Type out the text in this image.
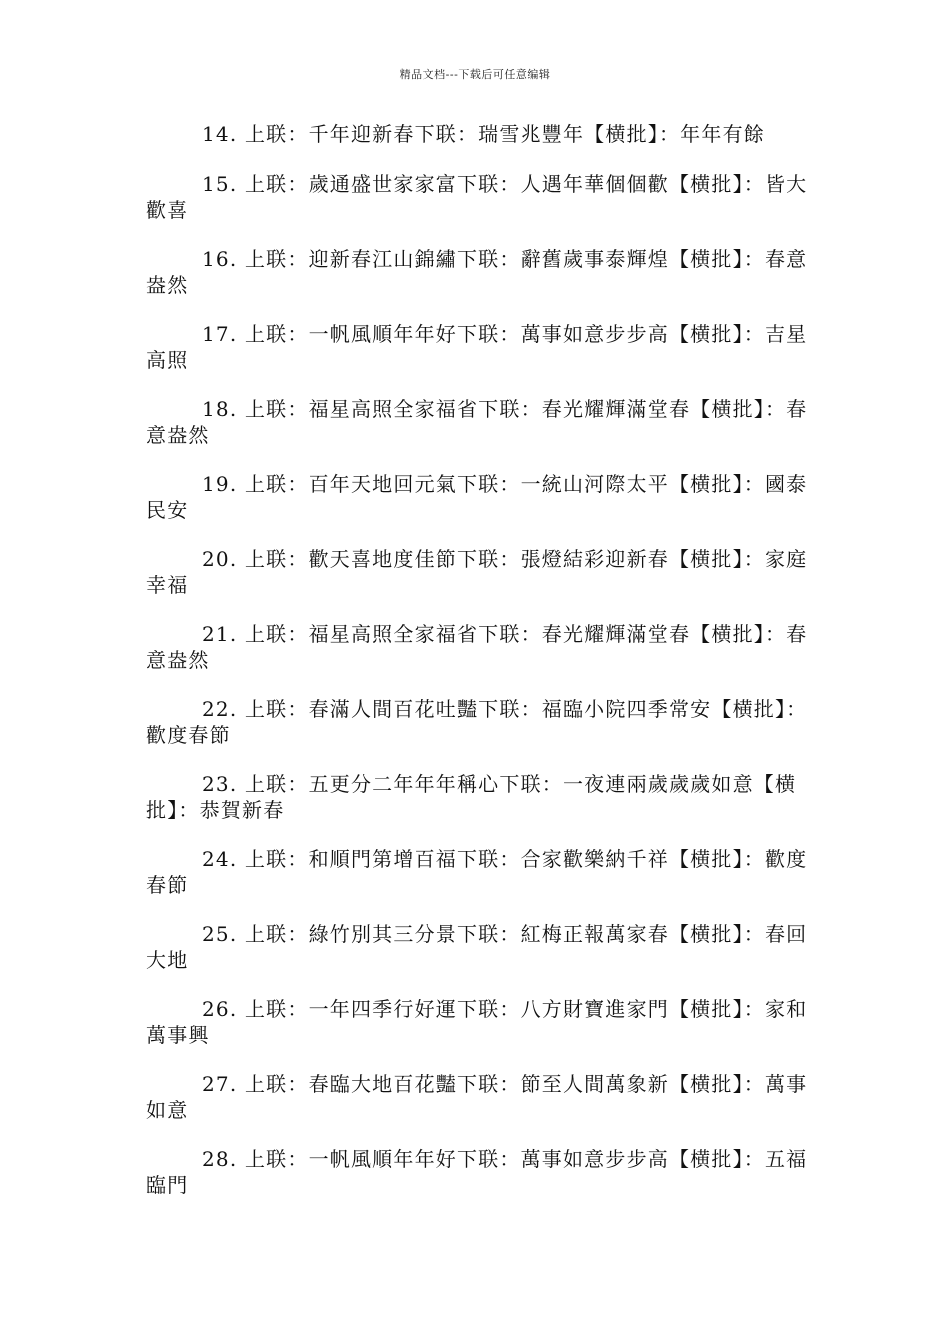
精品文档---下载后可任意编辑

14. 上联：千年迎新春下联：瑞雪兆豐年【横批】：年年有餘

15. 上联：歲通盛世家家富下联：人遇年華個個歡【横批】：皆大歡喜

16. 上联：迎新春江山錦繡下联：辭舊歲事泰輝煌【横批】：春意盎然

17. 上联：一帆風順年年好下联：萬事如意步步高【横批】：吉星高照

18. 上联：福星高照全家福省下联：春光耀輝滿堂春【横批】：春意盎然

19. 上联：百年天地回元氣下联：一統山河際太平【横批】：國泰民安

20. 上联：歡天喜地度佳節下联：張燈結彩迎新春【横批】：家庭幸福

21. 上联：福星高照全家福省下联：春光耀輝滿堂春【横批】：春意盎然

22. 上联：春滿人間百花吐豔下联：福臨小院四季常安【横批】：歡度春節

23. 上联：五更分二年年年稱心下联：一夜連兩歲歲歲如意【横批】：恭賀新春

24. 上联：和順門第增百福下联：合家歡樂納千祥【横批】：歡度春節

25. 上联：綠竹別其三分景下联：紅梅正報萬家春【横批】：春回大地

26. 上联：一年四季行好運下联：八方財寶進家門【横批】：家和萬事興

27. 上联：春臨大地百花豔下联：節至人間萬象新【横批】：萬事如意

28. 上联：一帆風順年年好下联：萬事如意步步高【横批】：五福臨門
